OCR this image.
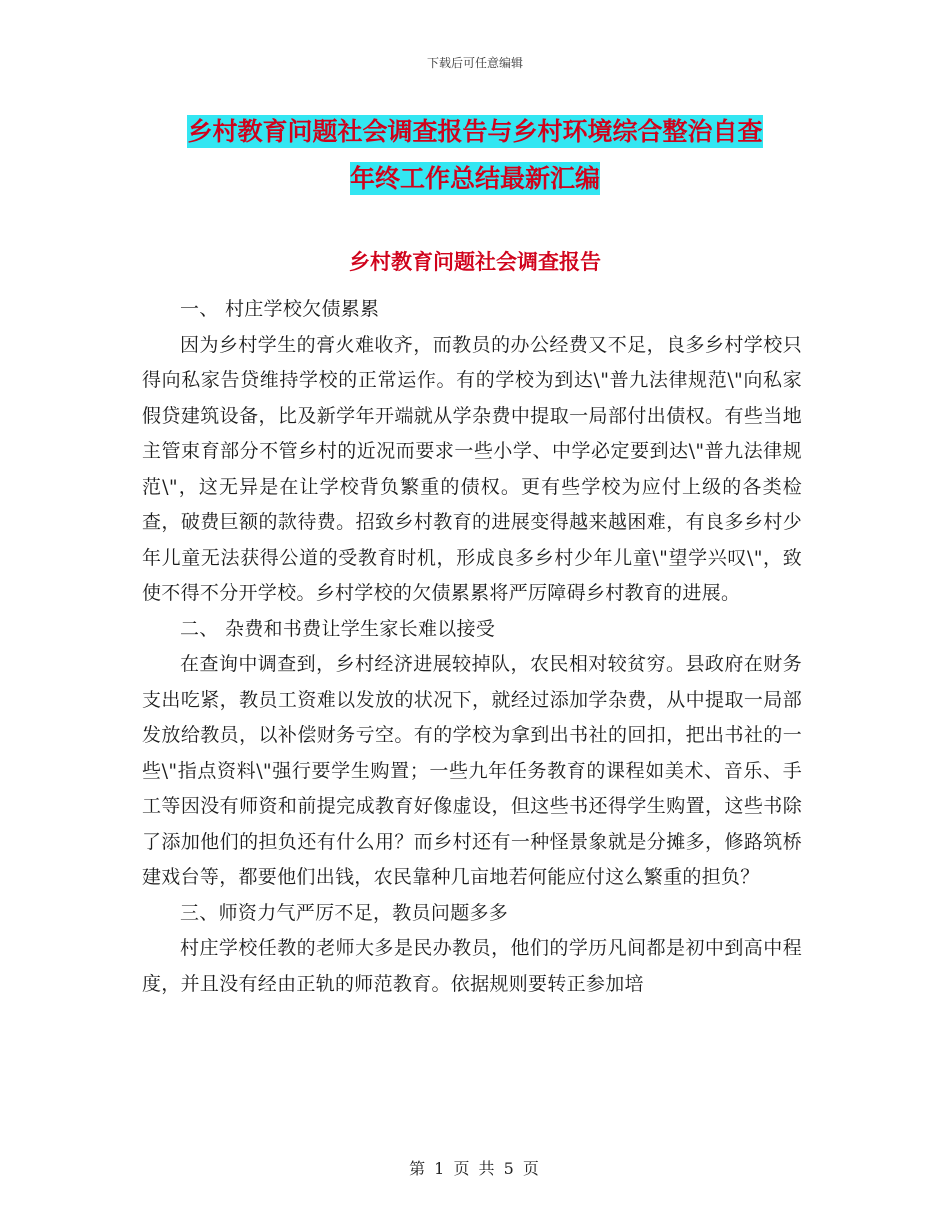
下载后可任意编辑
乡村教育问题社会调查报告与乡村环境综合整治自查
年终工作总结最新汇编
乡村教育问题社会调查报告

一、 村庄学校欠债累累

因为乡村学生的膏火难收齐，而教员的办公经费又不足，良多乡村学校只得向私家告贷维持学校的正常运作。有的学校为到达\"普九法律规范\"向私家假贷建筑设备，比及新学年开端就从学杂费中提取一局部付出债权。有些当地主管束育部分不管乡村的近况而要求一些小学、中学必定要到达\"普九法律规范\"，这无异是在让学校背负繁重的债权。更有些学校为应付上级的各类检查，破费巨额的款待费。招致乡村教育的进展变得越来越困难，有良多乡村少年儿童无法获得公道的受教育时机，形成良多乡村少年儿童\"望学兴叹\"，致使不得不分开学校。乡村学校的欠债累累将严厉障碍乡村教育的进展。

二、 杂费和书费让学生家长难以接受

在查询中调查到，乡村经济进展较掉队，农民相对较贫穷。县政府在财务支出吃紧，教员工资难以发放的状况下，就经过添加学杂费，从中提取一局部发放给教员，以补偿财务亏空。有的学校为拿到出书社的回扣，把出书社的一些\"指点资料\"强行要学生购置；一些九年任务教育的课程如美术、音乐、手工等因没有师资和前提完成教育好像虚设，但这些书还得学生购置，这些书除了添加他们的担负还有什么用？而乡村还有一种怪景象就是分摊多，修路筑桥建戏台等，都要他们出钱，农民靠种几亩地若何能应付这么繁重的担负？

三、师资力气严厉不足，教员问题多多

村庄学校任教的老师大多是民办教员，他们的学历凡间都是初中到高中程度，并且没有经由正轨的师范教育。依据规则要转正参加培

第 1 页 共 5 页
